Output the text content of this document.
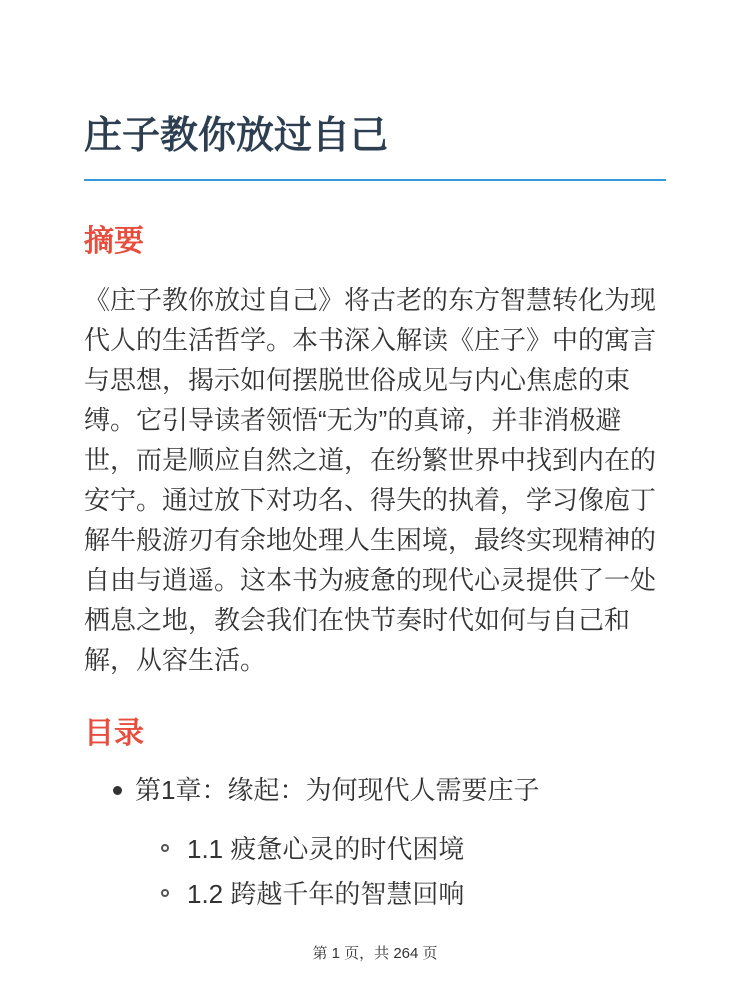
庄子教你放过自己
摘要

《庄子教你放过自己》将古老的东方智慧转化为现代人的生活哲学。本书深入解读《庄子》中的寓言与思想，揭示如何摆脱世俗成见与内心焦虑的束缚。它引导读者领悟“无为”的真谛，并非消极避世，而是顺应自然之道，在纷繁世界中找到内在的安宁。通过放下对功名、得失的执着，学习像庖丁解牛般游刃有余地处理人生困境，最终实现精神的自由与逍遥。这本书为疲惫的现代心灵提供了一处栖息之地，教会我们在快节奏时代如何与自己和解，从容生活。

目录
第1章：缘起：为何现代人需要庄子
1.1 疲惫心灵的时代困境
1.2 跨越千年的智慧回响
第 1 页，共 264 页
